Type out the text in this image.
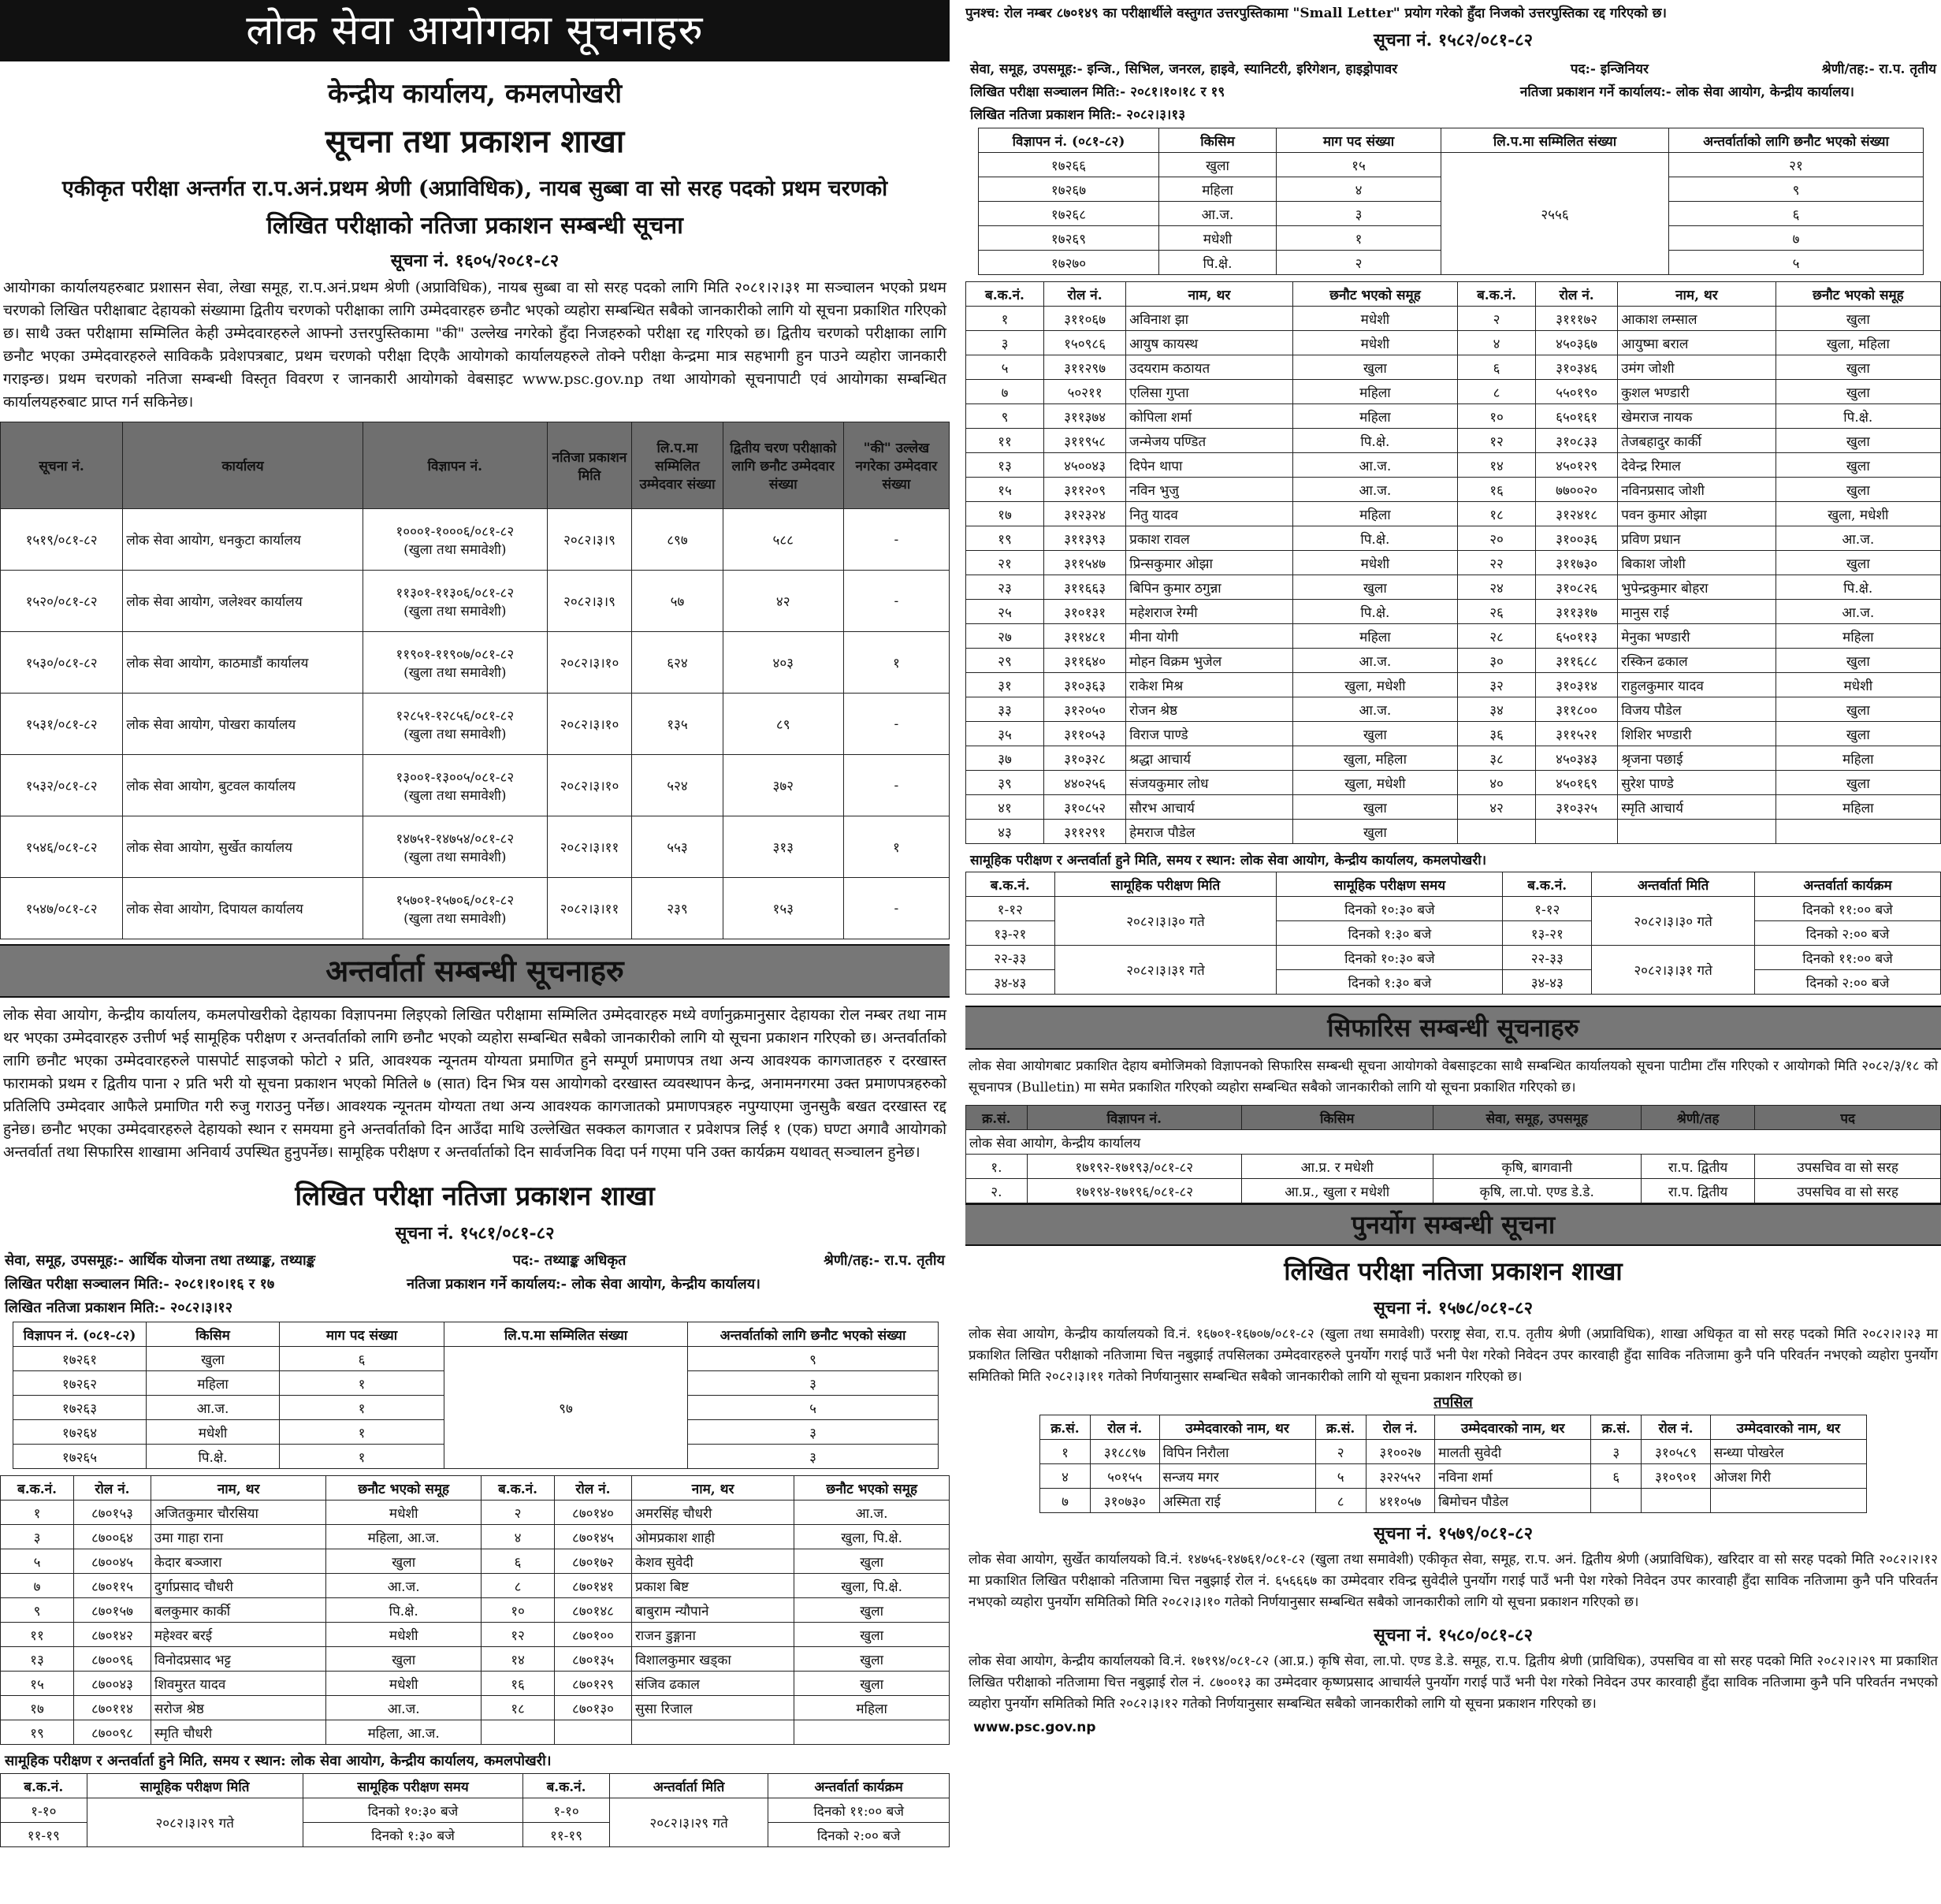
लोक सेवा आयोगका सूचनाहरु
केन्द्रीय कार्यालय, कमलपोखरी
सूचना तथा प्रकाशन शाखा
एकीकृत परीक्षा अन्तर्गत रा.प.अनं.प्रथम श्रेणी (अप्राविधिक), नायब सुब्बा वा सो सरह पदको प्रथम चरणको
लिखित परीक्षाको नतिजा प्रकाशन सम्बन्धी सूचना
सूचना नं. १६०५/२०८१-८२
आयोगका कार्यालयहरुबाट प्रशासन सेवा, लेखा समूह, रा.प.अनं.प्रथम श्रेणी (अप्राविधिक), नायब सुब्बा वा सो सरह पदको लागि मिति २०८१।२।३१ मा सञ्चालन भएको प्रथम चरणको लिखित परीक्षाबाट देहायको संख्यामा द्वितीय चरणको परीक्षाका लागि उम्मेदवारहरु छनौट भएको व्यहोरा सम्बन्धित सबैको जानकारीको लागि यो सूचना प्रकाशित गरिएको छ। साथै उक्त परीक्षामा सम्मिलित केही उम्मेदवारहरुले आफ्नो उत्तरपुस्तिकामा "की" उल्लेख नगरेको हुँदा निजहरुको परीक्षा रद्द गरिएको छ। द्वितीय चरणको परीक्षाका लागि छनौट भएका उम्मेदवारहरुले साविककै प्रवेशपत्रबाट, प्रथम चरणको परीक्षा दिएकै आयोगको कार्यालयहरुले तोक्ने परीक्षा केन्द्रमा मात्र सहभागी हुन पाउने व्यहोरा जानकारी गराइन्छ। प्रथम चरणको नतिजा सम्बन्धी विस्तृत विवरण र जानकारी आयोगको वेबसाइट www.psc.gov.np तथा आयोगको सूचनापाटी एवं आयोगका सम्बन्धित कार्यालयहरुबाट प्राप्त गर्न सकिनेछ।
सूचना नं.	कार्यालय	विज्ञापन नं.	नतिजा प्रकाशन मिति	लि.प.मा सम्मिलित उम्मेदवार संख्या	द्वितीय चरण परीक्षाको लागि छनौट उम्मेदवार संख्या	"की" उल्लेख नगरेका उम्मेदवार संख्या
१५१९/०८१-८२	लोक सेवा आयोग, धनकुटा कार्यालय	१०००१-१०००६/०८१-८२
(खुला तथा समावेशी)	२०८२।३।९	८९७	५८८	-
१५२०/०८१-८२	लोक सेवा आयोग, जलेश्वर कार्यालय	११३०१-११३०६/०८१-८२
(खुला तथा समावेशी)	२०८२।३।९	५७	४२	-
१५३०/०८१-८२	लोक सेवा आयोग, काठमाडौं कार्यालय	११९०१-११९०७/०८१-८२
(खुला तथा समावेशी)	२०८२।३।१०	६२४	४०३	१
१५३१/०८१-८२	लोक सेवा आयोग, पोखरा कार्यालय	१२८५१-१२८५६/०८१-८२
(खुला तथा समावेशी)	२०८२।३।१०	१३५	८९	-
१५३२/०८१-८२	लोक सेवा आयोग, बुटवल कार्यालय	१३००१-१३००५/०८१-८२
(खुला तथा समावेशी)	२०८२।३।१०	५२४	३७२	-
१५४६/०८१-८२	लोक सेवा आयोग, सुर्खेत कार्यालय	१४७५१-१४७५४/०८१-८२
(खुला तथा समावेशी)	२०८२।३।११	५५३	३१३	१
१५४७/०८१-८२	लोक सेवा आयोग, दिपायल कार्यालय	१५७०१-१५७०६/०८१-८२
(खुला तथा समावेशी)	२०८२।३।११	२३९	१५३	-
अन्तर्वार्ता सम्बन्धी सूचनाहरु
लोक सेवा आयोग, केन्द्रीय कार्यालय, कमलपोखरीको देहायका विज्ञापनमा लिइएको लिखित परीक्षामा सम्मिलित उम्मेदवारहरु मध्ये वर्णानुक्रमानुसार देहायका रोल नम्बर तथा नाम थर भएका उम्मेदवारहरु उत्तीर्ण भई सामूहिक परीक्षण र अन्तर्वार्ताको लागि छनौट भएको व्यहोरा सम्बन्धित सबैको जानकारीको लागि यो सूचना प्रकाशन गरिएको छ। अन्तर्वार्ताको लागि छनौट भएका उम्मेदवारहरुले पासपोर्ट साइजको फोटो २ प्रति, आवश्यक न्यूनतम योग्यता प्रमाणित हुने सम्पूर्ण प्रमाणपत्र तथा अन्य आवश्यक कागजातहरु र दरखास्त फारामको प्रथम र द्वितीय पाना २ प्रति भरी यो सूचना प्रकाशन भएको मितिले ७ (सात) दिन भित्र यस आयोगको दरखास्त व्यवस्थापन केन्द्र, अनामनगरमा उक्त प्रमाणपत्रहरुको प्रतिलिपि उम्मेदवार आफैले प्रमाणित गरी रुजु गराउनु पर्नेछ। आवश्यक न्यूनतम योग्यता तथा अन्य आवश्यक कागजातको प्रमाणपत्रहरु नपुग्याएमा जुनसुकै बखत दरखास्त रद्द हुनेछ। छनौट भएका उम्मेदवारहरुले देहायको स्थान र समयमा हुने अन्तर्वार्ताको दिन आउँदा माथि उल्लेखित सक्कल कागजात र प्रवेशपत्र लिई १ (एक) घण्टा अगावै आयोगको अन्तर्वार्ता तथा सिफारिस शाखामा अनिवार्य उपस्थित हुनुपर्नेछ। सामूहिक परीक्षण र अन्तर्वार्ताको दिन सार्वजनिक विदा पर्न गएमा पनि उक्त कार्यक्रम यथावत् सञ्चालन हुनेछ।
लिखित परीक्षा नतिजा प्रकाशन शाखा
सूचना नं. १५८१/०८१-८२
सेवा, समूह, उपसमूह:- आर्थिक योजना तथा तथ्याङ्क, तथ्याङ्क	पद:- तथ्याङ्क अधिकृत	श्रेणी/तह:- रा.प. तृतीय
लिखित परीक्षा सञ्चालन मिति:- २०८१।१०।१६ र १७	नतिजा प्रकाशन गर्ने कार्यालय:- लोक सेवा आयोग, केन्द्रीय कार्यालय।
लिखित नतिजा प्रकाशन मिति:- २०८२।३।१२
विज्ञापन नं. (०८१-८२)	किसिम	माग पद संख्या	लि.प.मा सम्मिलित संख्या	अन्तर्वार्ताको लागि छनौट भएको संख्या
१७२६१	खुला	६	९७	९
१७२६२	महिला	१		३
१७२६३	आ.ज.	१		५
१७२६४	मधेशी	१		३
१७२६५	पि.क्षे.	१		३
ब.क.नं.	रोल नं.	नाम, थर	छनौट भएको समूह	ब.क.नं.	रोल नं.	नाम, थर	छनौट भएको समूह
१	८७०१५३	अजितकुमार चौरसिया	मधेशी	२	८७०१४०	अमरसिंह चौधरी	आ.ज.
३	८७००६४	उमा गाहा राना	महिला, आ.ज.	४	८७०१४५	ओमप्रकाश शाही	खुला, पि.क्षे.
५	८७००४५	केदार बञ्जारा	खुला	६	८७०१७२	केशव सुवेदी	खुला
७	८७०११५	दुर्गाप्रसाद चौधरी	आ.ज.	८	८७०१४१	प्रकाश बिष्ट	खुला, पि.क्षे.
९	८७०१५७	बलकुमार कार्की	पि.क्षे.	१०	८७०१४८	बाबुराम न्यौपाने	खुला
११	८७०१४२	महेश्वर बरई	मधेशी	१२	८७०१००	राजन डुङ्गाना	खुला
१३	८७००९६	विनोदप्रसाद भट्ट	खुला	१४	८७०१३५	विशालकुमार खड्का	खुला
१५	८७००४३	शिवमुरत यादव	मधेशी	१६	८७०१२९	संजिव ढकाल	खुला
१७	८७०११४	सरोज श्रेष्ठ	आ.ज.	१८	८७०१३०	सुसा रिजाल	महिला
१९	८७००९८	स्मृति चौधरी	महिला, आ.ज.				
सामूहिक परीक्षण र अन्तर्वार्ता हुने मिति, समय र स्थान: लोक सेवा आयोग, केन्द्रीय कार्यालय, कमलपोखरी।
ब.क.नं.	सामूहिक परीक्षण मिति	सामूहिक परीक्षण समय	ब.क.नं.	अन्तर्वार्ता मिति	अन्तर्वार्ता कार्यक्रम
१-१०	२०८२।३।२९ गते	दिनको १०:३० बजे	१-१०	२०८२।३।२९ गते	दिनको ११:०० बजे
११-१९		दिनको १:३० बजे	११-१९		दिनको २:०० बजे
पुनश्च: रोल नम्बर ८७०१४९ का परीक्षार्थीले वस्तुगत उत्तरपुस्तिकामा "Small Letter" प्रयोग गरेको हुँदा निजको उत्तरपुस्तिका रद्द गरिएको छ।
सूचना नं. १५८२/०८१-८२
सेवा, समूह, उपसमूह:- इन्जि., सिभिल, जनरल, हाइवे, स्यानिटरी, इरिगेशन, हाइड्रोपावर	पद:- इन्जिनियर	श्रेणी/तह:- रा.प. तृतीय
लिखित परीक्षा सञ्चालन मिति:- २०८१।१०।१८ र १९	नतिजा प्रकाशन गर्ने कार्यालय:- लोक सेवा आयोग, केन्द्रीय कार्यालय।
लिखित नतिजा प्रकाशन मिति:- २०८२।३।१३
विज्ञापन नं. (०८१-८२)	किसिम	माग पद संख्या	लि.प.मा सम्मिलित संख्या	अन्तर्वार्ताको लागि छनौट भएको संख्या
१७२६६	खुला	१५	२५५६	२१
१७२६७	महिला	४		९
१७२६८	आ.ज.	३		६
१७२६९	मधेशी	१		७
१७२७०	पि.क्षे.	२		५
ब.क.नं.	रोल नं.	नाम, थर	छनौट भएको समूह	ब.क.नं.	रोल नं.	नाम, थर	छनौट भएको समूह
१	३११०६७	अविनाश झा	मधेशी	२	३१११७२	आकाश लम्साल	खुला
३	१५०९८६	आयुष कायस्थ	मधेशी	४	४५०३६७	आयुष्मा बराल	खुला, महिला
५	३११२९७	उदयराम कठायत	खुला	६	३१०३४६	उमंग जोशी	खुला
७	५०२११	एलिसा गुप्ता	महिला	८	५५०१९०	कुशल भण्डारी	खुला
९	३११३७४	कोपिला शर्मा	महिला	१०	६५०१६१	खेमराज नायक	पि.क्षे.
११	३११९५८	जन्मेजय पण्डित	पि.क्षे.	१२	३१०८३३	तेजबहादुर कार्की	खुला
१३	४५००४३	दिपेन थापा	आ.ज.	१४	४५०१२९	देवेन्द्र रिमाल	खुला
१५	३११२०९	नविन भुजु	आ.ज.	१६	७७००२०	नविनप्रसाद जोशी	खुला
१७	३१२३२४	नितु यादव	महिला	१८	३१२४१८	पवन कुमार ओझा	खुला, मधेशी
१९	३११३९३	प्रकाश रावल	पि.क्षे.	२०	३१००३६	प्रविण प्रधान	आ.ज.
२१	३११५४७	प्रिन्सकुमार ओझा	मधेशी	२२	३११७३०	बिकाश जोशी	खुला
२३	३११६६३	बिपिन कुमार ठगुन्ना	खुला	२४	३१०८२६	भुपेन्द्रकुमार बोहरा	पि.क्षे.
२५	३१०१३१	महेशराज रेग्मी	पि.क्षे.	२६	३११३१७	मानुस राई	आ.ज.
२७	३११४८१	मीना योगी	महिला	२८	६५०११३	मेनुका भण्डारी	महिला
२९	३११६४०	मोहन विक्रम भुजेल	आ.ज.	३०	३११६८८	रस्किन ढकाल	खुला
३१	३१०३६३	राकेश मिश्र	खुला, मधेशी	३२	३१०३१४	राहुलकुमार यादव	मधेशी
३३	३१२०५०	रोजन श्रेष्ठ	आ.ज.	३४	३११८००	विजय पौडेल	खुला
३५	३११०५३	विराज पाण्डे	खुला	३६	३११५२१	शिशिर भण्डारी	खुला
३७	३१०३२८	श्रद्धा आचार्य	खुला, महिला	३८	४५०३४३	श्रृजना पछाई	महिला
३९	४४०२५६	संजयकुमार लोध	खुला, मधेशी	४०	४५०१६९	सुरेश पाण्डे	खुला
४१	३१०८५२	सौरभ आचार्य	खुला	४२	३१०३२५	स्मृति आचार्य	महिला
४३	३११२९१	हेमराज पौडेल	खुला				
सामूहिक परीक्षण र अन्तर्वार्ता हुने मिति, समय र स्थान: लोक सेवा आयोग, केन्द्रीय कार्यालय, कमलपोखरी।
ब.क.नं.	सामूहिक परीक्षण मिति	सामूहिक परीक्षण समय	ब.क.नं.	अन्तर्वार्ता मिति	अन्तर्वार्ता कार्यक्रम
१-१२	२०८२।३।३० गते	दिनको १०:३० बजे	१-१२	२०८२।३।३० गते	दिनको ११:०० बजे
१३-२१		दिनको १:३० बजे	१३-२१		दिनको २:०० बजे
२२-३३	२०८२।३।३१ गते	दिनको १०:३० बजे	२२-३३	२०८२।३।३१ गते	दिनको ११:०० बजे
३४-४३		दिनको १:३० बजे	३४-४३		दिनको २:०० बजे
सिफारिस सम्बन्धी सूचनाहरु
लोक सेवा आयोगबाट प्रकाशित देहाय बमोजिमको विज्ञापनको सिफारिस सम्बन्धी सूचना आयोगको वेबसाइटका साथै सम्बन्धित कार्यालयको सूचना पाटीमा टाँस गरिएको र आयोगको मिति २०८२/३/१८ को सूचनापत्र (Bulletin) मा समेत प्रकाशित गरिएको व्यहोरा सम्बन्धित सबैको जानकारीको लागि यो सूचना प्रकाशित गरिएको छ।
क्र.सं.	विज्ञापन नं.	किसिम	सेवा, समूह, उपसमूह	श्रेणी/तह	पद
लोक सेवा आयोग, केन्द्रीय कार्यालय					
१.	१७१९२-१७१९३/०८१-८२	आ.प्र. र मधेशी	कृषि, बागवानी	रा.प. द्वितीय	उपसचिव वा सो सरह
२.	१७१९४-१७१९६/०८१-८२	आ.प्र., खुला र मधेशी	कृषि, ला.पो. एण्ड डे.डे.	रा.प. द्वितीय	उपसचिव वा सो सरह
पुनर्योग सम्बन्धी सूचना
लिखित परीक्षा नतिजा प्रकाशन शाखा
सूचना नं. १५७८/०८१-८२
लोक सेवा आयोग, केन्द्रीय कार्यालयको वि.नं. १६७०१-१६७०७/०८१-८२ (खुला तथा समावेशी) परराष्ट्र सेवा, रा.प. तृतीय श्रेणी (अप्राविधिक), शाखा अधिकृत वा सो सरह पदको मिति २०८२।२।२३ मा प्रकाशित लिखित परीक्षाको नतिजामा चित्त नबुझाई तपसिलका उम्मेदवारहरुले पुनर्योग गराई पाउँ भनी पेश गरेको निवेदन उपर कारवाही हुँदा साविक नतिजामा कुनै पनि परिवर्तन नभएको व्यहोरा पुनर्योग समितिको मिति २०८२।३।११ गतेको निर्णयानुसार सम्बन्धित सबैको जानकारीको लागि यो सूचना प्रकाशन गरिएको छ।
तपसिल
क्र.सं.	रोल नं.	उम्मेदवारको नाम, थर	क्र.सं.	रोल नं.	उम्मेदवारको नाम, थर	क्र.सं.	रोल नं.	उम्मेदवारको नाम, थर
१	३१८८९७	विपिन निरौला	२	३१००२७	मालती सुवेदी	३	३१०५८९	सन्ध्या पोखरेल
४	५०१५५	सन्जय मगर	५	३२२५५२	नविना शर्मा	६	३१०९०१	ओजश गिरी
७	३१०७३०	अस्मिता राई	८	४११०५७	बिमोचन पौडेल			
सूचना नं. १५७९/०८१-८२
लोक सेवा आयोग, सुर्खेत कार्यालयको वि.नं. १४७५६-१४७६१/०८१-८२ (खुला तथा समावेशी) एकीकृत सेवा, समूह, रा.प. अनं. द्वितीय श्रेणी (अप्राविधिक), खरिदार वा सो सरह पदको मिति २०८२।२।१२ मा प्रकाशित लिखित परीक्षाको नतिजामा चित्त नबुझाई रोल नं. ६५६६६७ का उम्मेदवार रविन्द्र सुवेदीले पुनर्योग गराई पाउँ भनी पेश गरेको निवेदन उपर कारवाही हुँदा साविक नतिजामा कुनै पनि परिवर्तन नभएको व्यहोरा पुनर्योग समितिको मिति २०८२।३।१० गतेको निर्णयानुसार सम्बन्धित सबैको जानकारीको लागि यो सूचना प्रकाशन गरिएको छ।
सूचना नं. १५८०/०८१-८२
लोक सेवा आयोग, केन्द्रीय कार्यालयको वि.नं. १७१९४/०८१-८२ (आ.प्र.) कृषि सेवा, ला.पो. एण्ड डे.डे. समूह, रा.प. द्वितीय श्रेणी (प्राविधिक), उपसचिव वा सो सरह पदको मिति २०८२।२।२९ मा प्रकाशित लिखित परीक्षाको नतिजामा चित्त नबुझाई रोल नं. ८७००१३ का उम्मेदवार कृष्णप्रसाद आचार्यले पुनर्योग गराई पाउँ भनी पेश गरेको निवेदन उपर कारवाही हुँदा साविक नतिजामा कुनै पनि परिवर्तन नभएको व्यहोरा पुनर्योग समितिको मिति २०८२।३।१२ गतेको निर्णयानुसार सम्बन्धित सबैको जानकारीको लागि यो सूचना प्रकाशन गरिएको छ।
www.psc.gov.np
